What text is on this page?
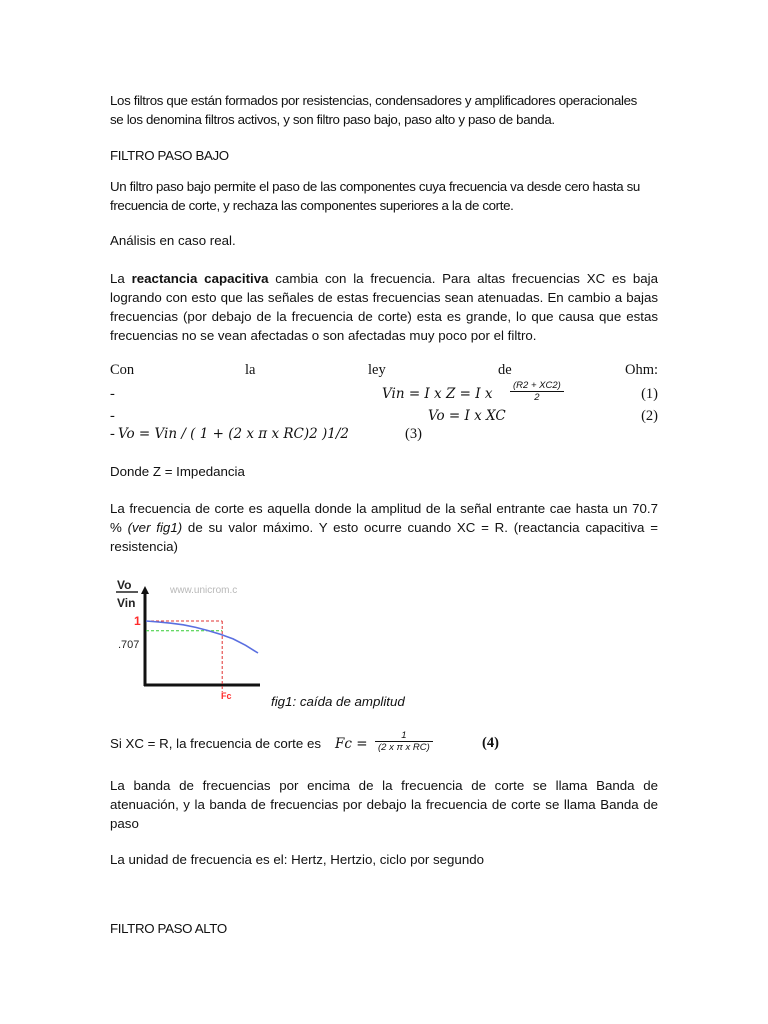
Los filtros que están formados por resistencias, condensadores y amplificadores operacionales
se los denomina filtros activos, y son filtro paso bajo, paso alto y paso de banda.

FILTRO PASO BAJO

Un filtro paso bajo permite el paso de las componentes cuya frecuencia va desde cero hasta su
frecuencia de corte, y rechaza las componentes superiores a la de corte.

Análisis en caso real.

La reactancia capacitiva cambia con la frecuencia. Para altas frecuencias XC es baja logrando con esto que las señales de estas frecuencias sean atenuadas. En cambio a bajas frecuencias (por debajo de la frecuencia de corte) esta es grande, lo que causa que estas frecuencias no se vean afectadas o son afectadas muy poco por el filtro.

Con	la	ley	de	Ohm:
-	Vin = I x Z = I x $\frac{(R2 + XC2)}{2}$	(1)
-	Vo = I x XC	(2)
- Vo = Vin / ( 1 + (2 x π x RC)2 )1/2	(3)

Donde Z = Impedancia

La frecuencia de corte es aquella donde la amplitud de la señal entrante cae hasta un 70.7 % (ver fig1) de su valor máximo. Y esto ocurre cuando XC = R. (reactancia capacitiva = resistencia)

www.unicrom.c
Vo
Vin
1
.707
Fc	fig1: caída de amplitud

Si XC = R, la frecuencia de corte es $Fc = \frac{1}{\text{(2 x π x RC)}}$	(4)

La banda de frecuencias por encima de la frecuencia de corte se llama Banda de atenuación, y la banda de frecuencias por debajo la frecuencia de corte se llama Banda de paso

La unidad de frecuencia es el: Hertz, Hertzio, ciclo por segundo

FILTRO PASO ALTO
